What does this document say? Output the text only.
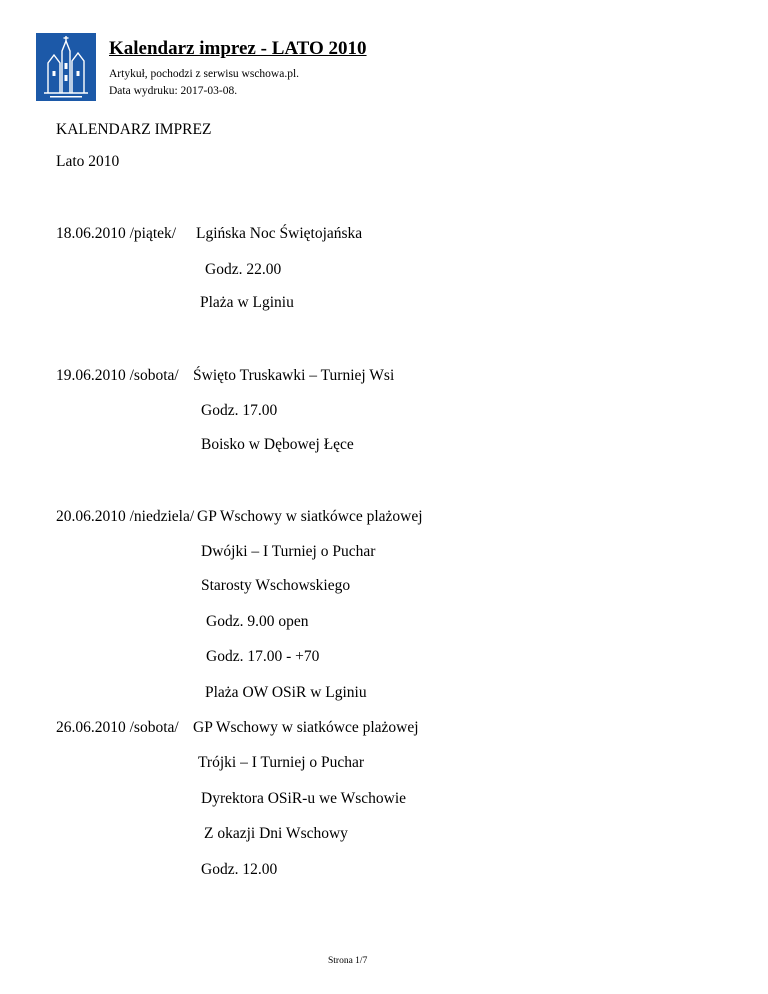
Kalendarz imprez - LATO 2010
Artykuł, pochodzi z serwisu wschowa.pl.
Data wydruku: 2017-03-08.
KALENDARZ IMPREZ
Lato 2010
18.06.2010 /piątek/ Lgińska Noc Świętojańska
Godz. 22.00
Plaża w Lginiu
19.06.2010 /sobota/ Święto Truskawki – Turniej Wsi
Godz. 17.00
Boisko w Dębowej Łęce
20.06.2010 /niedziela/ GP Wschowy w siatkówce plażowej
Dwójki – I Turniej o Puchar
Starosty Wschowskiego
Godz. 9.00 open
Godz. 17.00 - +70
Plaża OW OSiR w Lginiu
26.06.2010 /sobota/ GP Wschowy w siatkówce plażowej
Trójki – I Turniej o Puchar
Dyrektora OSiR-u we Wschowie
Z okazji Dni Wschowy
Godz. 12.00
Strona 1/7
